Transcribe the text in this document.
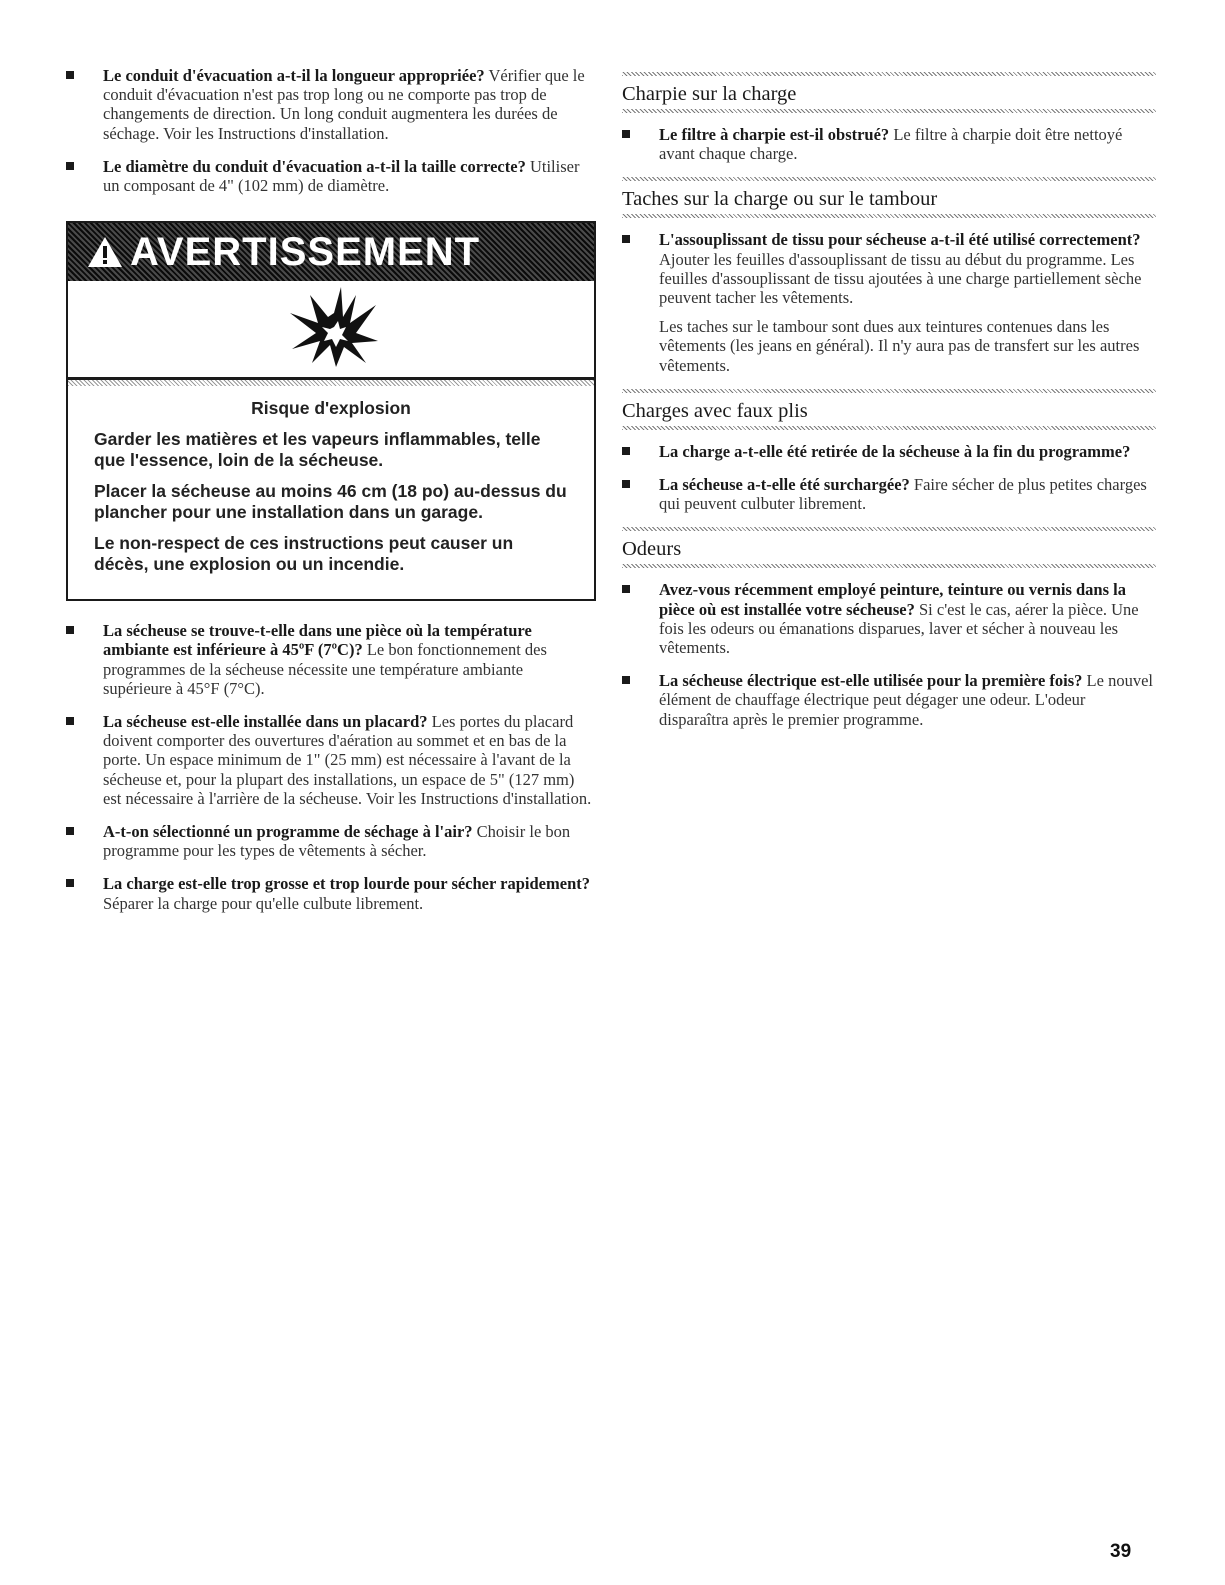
Le conduit d'évacuation a-t-il la longueur appropriée? Vérifier que le conduit d'évacuation n'est pas trop long ou ne comporte pas trop de changements de direction. Un long conduit augmentera les durées de séchage. Voir les Instructions d'installation.
Le diamètre du conduit d'évacuation a-t-il la taille correcte? Utiliser un composant de 4" (102 mm) de diamètre.
AVERTISSEMENT
Risque d'explosion

Garder les matières et les vapeurs inflammables, telle que l'essence, loin de la sécheuse.

Placer la sécheuse au moins 46 cm (18 po) au-dessus du plancher pour une installation dans un garage.

Le non-respect de ces instructions peut causer un décès, une explosion ou un incendie.

La sécheuse se trouve-t-elle dans une pièce où la température ambiante est inférieure à 45ºF (7ºC)? Le bon fonctionnement des programmes de la sécheuse nécessite une température ambiante supérieure à 45°F (7°C).
La sécheuse est-elle installée dans un placard? Les portes du placard doivent comporter des ouvertures d'aération au sommet et en bas de la porte. Un espace minimum de 1" (25 mm) est nécessaire à l'avant de la sécheuse et, pour la plupart des installations, un espace de 5" (127 mm) est nécessaire à l'arrière de la sécheuse. Voir les Instructions d'installation.
A-t-on sélectionné un programme de séchage à l'air? Choisir le bon programme pour les types de vêtements à sécher.
La charge est-elle trop grosse et trop lourde pour sécher rapidement? Séparer la charge pour qu'elle culbute librement.
Charpie sur la charge
Le filtre à charpie est-il obstrué? Le filtre à charpie doit être nettoyé avant chaque charge.
Taches sur la charge ou sur le tambour
L'assouplissant de tissu pour sécheuse a-t-il été utilisé correctement? Ajouter les feuilles d'assouplissant de tissu au début du programme. Les feuilles d'assouplissant de tissu ajoutées à une charge partiellement sèche peuvent tacher les vêtements.
Les taches sur le tambour sont dues aux teintures contenues dans les vêtements (les jeans en général). Il n'y aura pas de transfert sur les autres vêtements.
Charges avec faux plis
La charge a-t-elle été retirée de la sécheuse à la fin du programme?
La sécheuse a-t-elle été surchargée? Faire sécher de plus petites charges qui peuvent culbuter librement.
Odeurs
Avez-vous récemment employé peinture, teinture ou vernis dans la pièce où est installée votre sécheuse? Si c'est le cas, aérer la pièce. Une fois les odeurs ou émanations disparues, laver et sécher à nouveau les vêtements.
La sécheuse électrique est-elle utilisée pour la première fois? Le nouvel élément de chauffage électrique peut dégager une odeur. L'odeur disparaîtra après le premier programme.
39
